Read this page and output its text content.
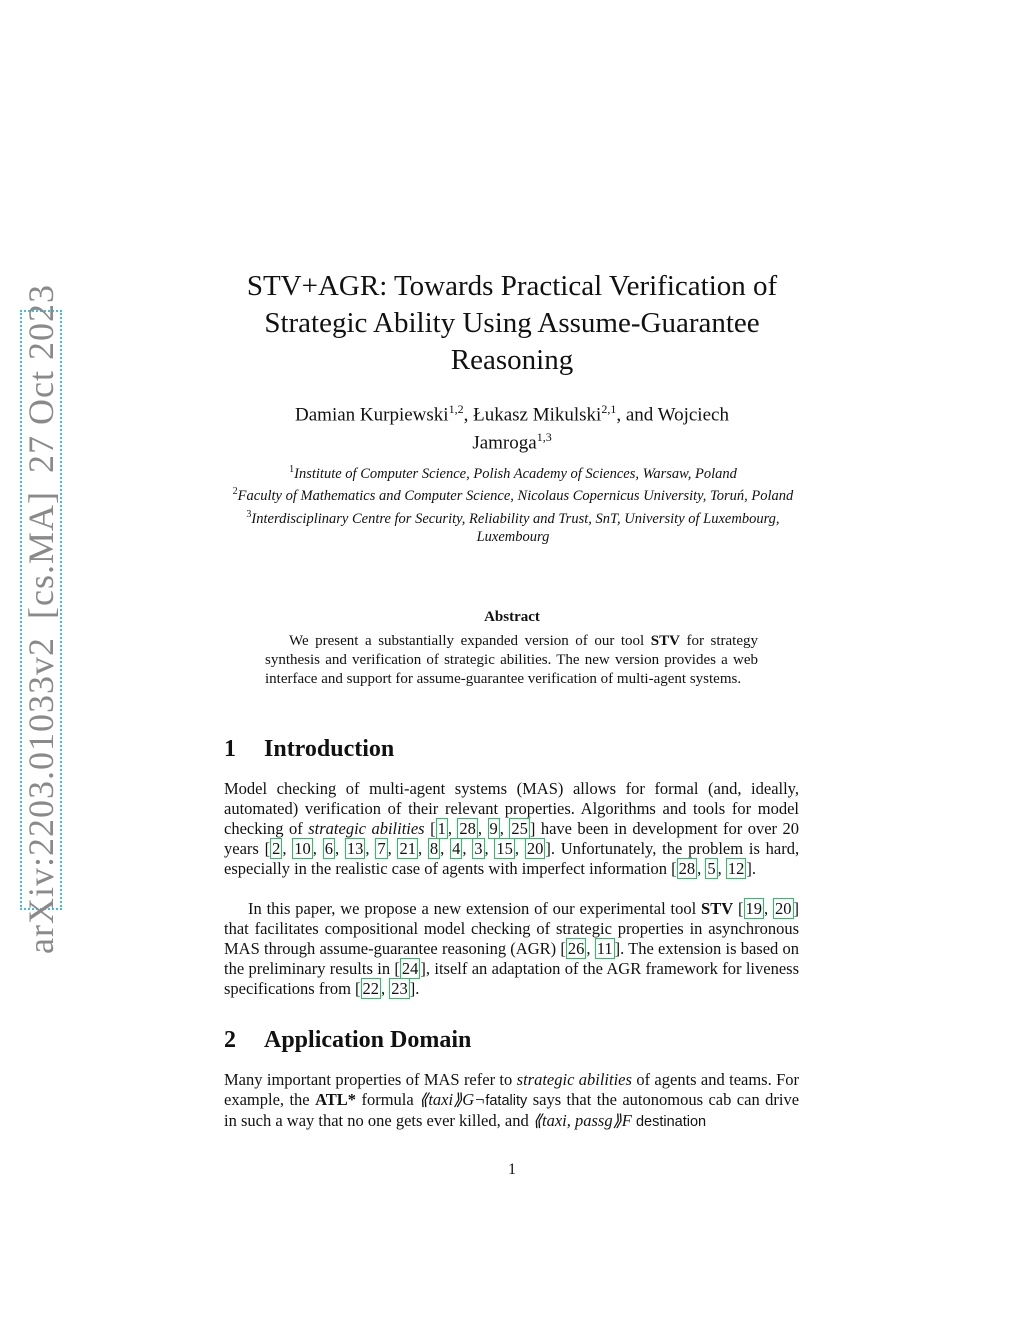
arXiv:2203.01033v2[cs.MA]27 Oct 2023	STV+AGR: Towards Practical Verification of
Strategic Ability Using Assume-Guarantee
Reasoning
Damian Kurpiewski$^{1,2}$, Łukasz Mikulski$^{2,1}$, and Wojciech
Jamroga$^{1,3}$
$^1$Institute of Computer Science, Polish Academy of Sciences, Warsaw, Poland
$^2$Faculty of Mathematics and Computer Science, Nicolaus Copernicus University, Toruń, Poland
$^3$Interdisciplinary Centre for Security, Reliability and Trust, SnT, University of Luxembourg, Luxembourg
Abstract
We present a substantially expanded version of our tool STV for strategy synthesis and verification of strategic abilities. The new version provides a web interface and support for assume-guarantee verification of multi-agent systems.
1 Introduction
Model checking of multi-agent systems (MAS) allows for formal (and, ideally, automated) verification of their relevant properties. Algorithms and tools for model checking of strategic abilities [ 1 , 28 , 9 , 25 ] have been in development for over 20 years [ 2 , 10 , 6 , 13 , 7 , 21 , 8 , 4 , 3 , 15 , 20 ]. Unfortunately, the problem is hard, especially in the realistic case of agents with imperfect information [ 28 , 5 , 12 ].
In this paper, we propose a new extension of our experimental tool STV [ 19 , 20 ] that facilitates compositional model checking of strategic properties in asynchronous MAS through assume-guarantee reasoning (AGR) [ 26 , 11 ]. The extension is based on the preliminary results in [ 24 ], itself an adaptation of the AGR framework for liveness specifications from [ 22 , 23 ].
2 Application Domain
Many important properties of MAS refer to strategic abilities of agents and teams. For example, the ATL* formula ⟪taxi⟫G¬fatality says that the autonomous cab can drive in such a way that no one gets ever killed, and ⟪taxi, passg⟫F destination
1
